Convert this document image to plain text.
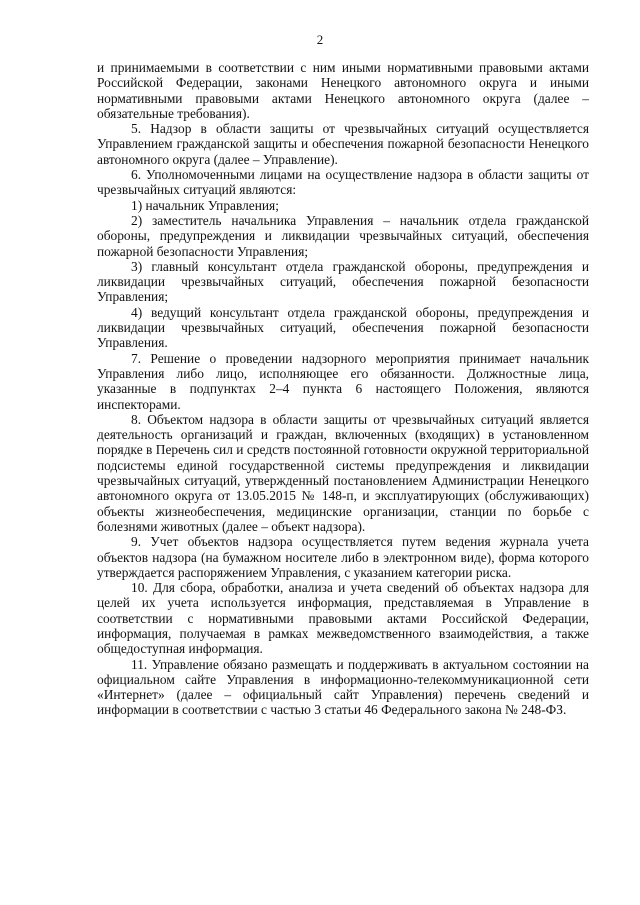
2

и принимаемыми в соответствии с ним иными нормативными правовыми актами Российской Федерации, законами Ненецкого автономного округа и иными нормативными правовыми актами Ненецкого автономного округа (далее – обязательные требования).

5. Надзор в области защиты от чрезвычайных ситуаций осуществляется Управлением гражданской защиты и обеспечения пожарной безопасности Ненецкого автономного округа (далее – Управление).

6. Уполномоченными лицами на осуществление надзора в области защиты от чрезвычайных ситуаций являются:

1) начальник Управления;

2) заместитель начальника Управления – начальник отдела гражданской обороны, предупреждения и ликвидации чрезвычайных ситуаций, обеспечения пожарной безопасности Управления;

3) главный консультант отдела гражданской обороны, предупреждения и ликвидации чрезвычайных ситуаций, обеспечения пожарной безопасности Управления;

4) ведущий консультант отдела гражданской обороны, предупреждения и ликвидации чрезвычайных ситуаций, обеспечения пожарной безопасности Управления.

7. Решение о проведении надзорного мероприятия принимает начальник Управления либо лицо, исполняющее его обязанности. Должностные лица, указанные в подпунктах 2–4 пункта 6 настоящего Положения, являются инспекторами.

8. Объектом надзора в области защиты от чрезвычайных ситуаций является деятельность организаций и граждан, включенных (входящих) в установленном порядке в Перечень сил и средств постоянной готовности окружной территориальной подсистемы единой государственной системы предупреждения и ликвидации чрезвычайных ситуаций, утвержденный постановлением Администрации Ненецкого автономного округа от 13.05.2015 № 148-п, и эксплуатирующих (обслуживающих) объекты жизнеобеспечения, медицинские организации, станции по борьбе с болезнями животных (далее – объект надзора).

9. Учет объектов надзора осуществляется путем ведения журнала учета объектов надзора (на бумажном носителе либо в электронном виде), форма которого утверждается распоряжением Управления, с указанием категории риска.

10. Для сбора, обработки, анализа и учета сведений об объектах надзора для целей их учета используется информация, представляемая в Управление в соответствии с нормативными правовыми актами Российской Федерации, информация, получаемая в рамках межведомственного взаимодействия, а также общедоступная информация.

11. Управление обязано размещать и поддерживать в актуальном состоянии на официальном сайте Управления в информационно-телекоммуникационной сети «Интернет» (далее – официальный сайт Управления) перечень сведений и информации в соответствии с частью 3 статьи 46 Федерального закона № 248-ФЗ.
